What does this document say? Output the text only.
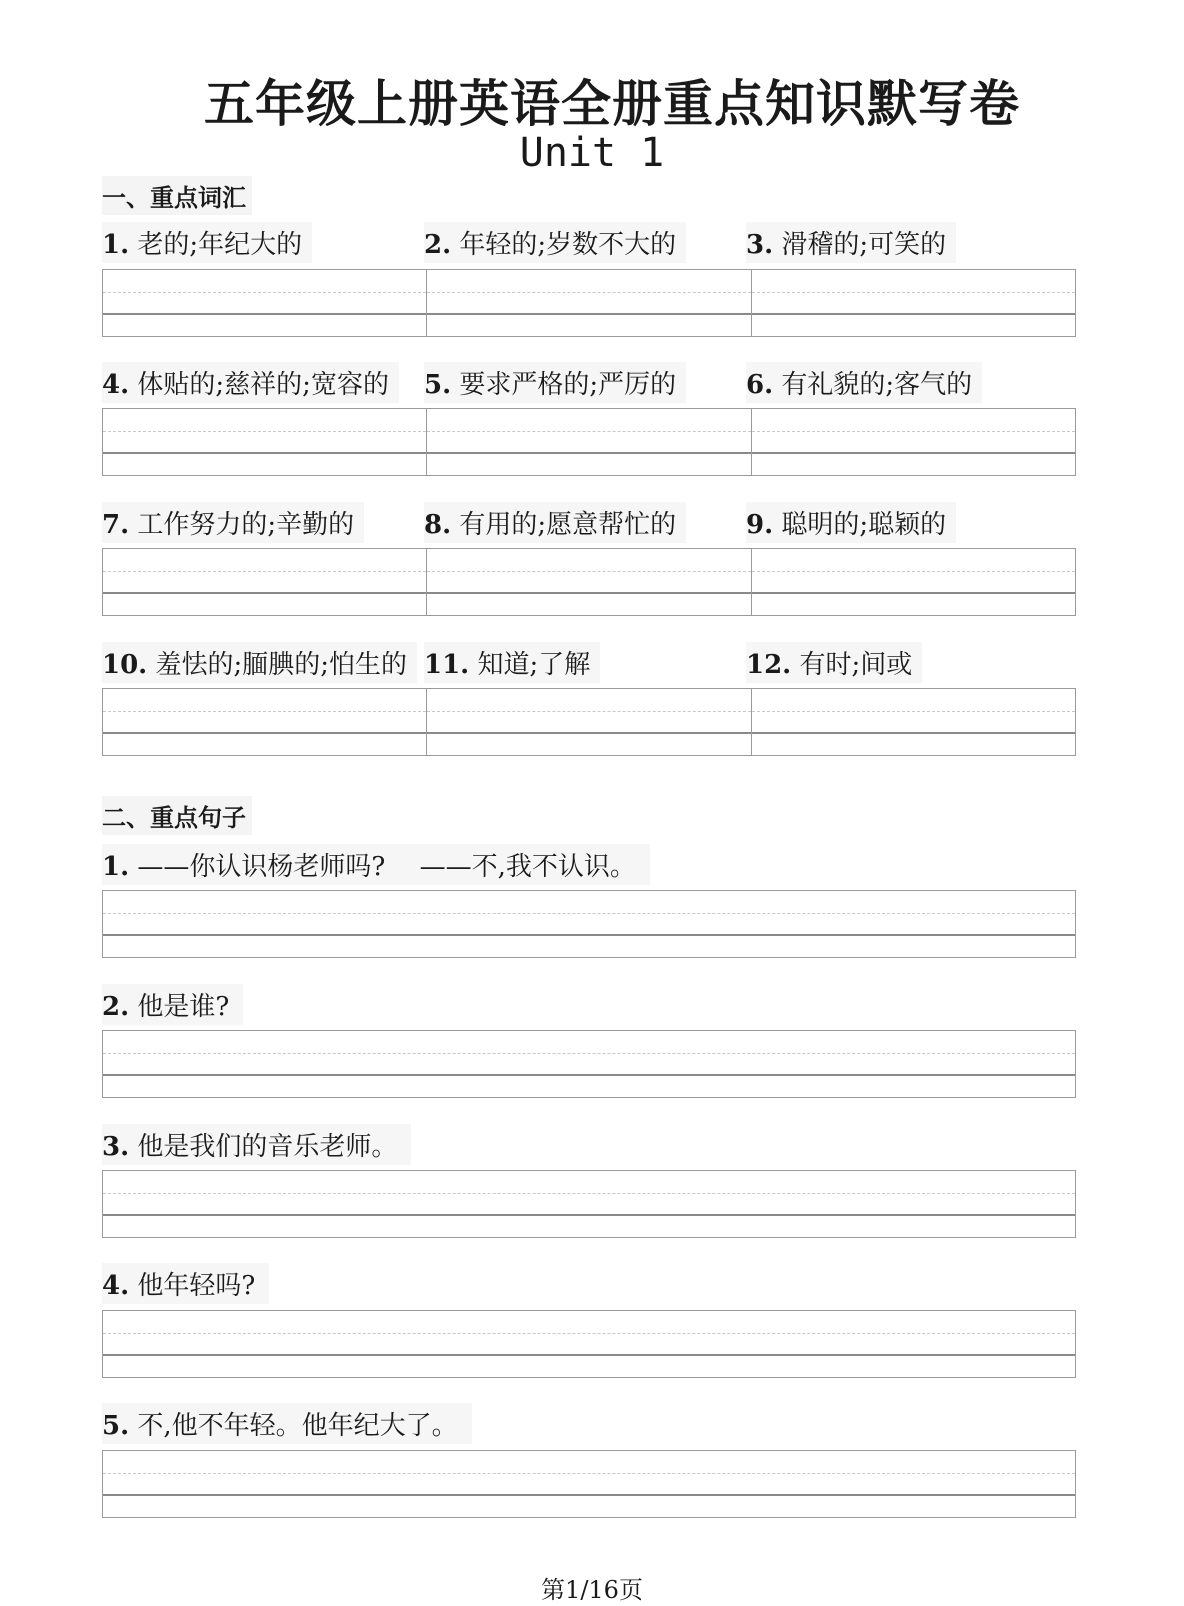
五年级上册英语全册重点知识默写卷
Unit 1
一、重点词汇
1. 老的;年纪大的	2. 年轻的;岁数不大的	3. 滑稽的;可笑的
4. 体贴的;慈祥的;宽容的	5. 要求严格的;严厉的	6. 有礼貌的;客气的
7. 工作努力的;辛勤的	8. 有用的;愿意帮忙的	9. 聪明的;聪颖的
10. 羞怯的;腼腆的;怕生的 11. 知道;了解	12. 有时;间或
二、重点句子
1. ——你认识杨老师吗?　 ——不,我不认识。
2. 他是谁?
3. 他是我们的音乐老师。
4. 他年轻吗?
5. 不,他不年轻。他年纪大了。
第1/16页
